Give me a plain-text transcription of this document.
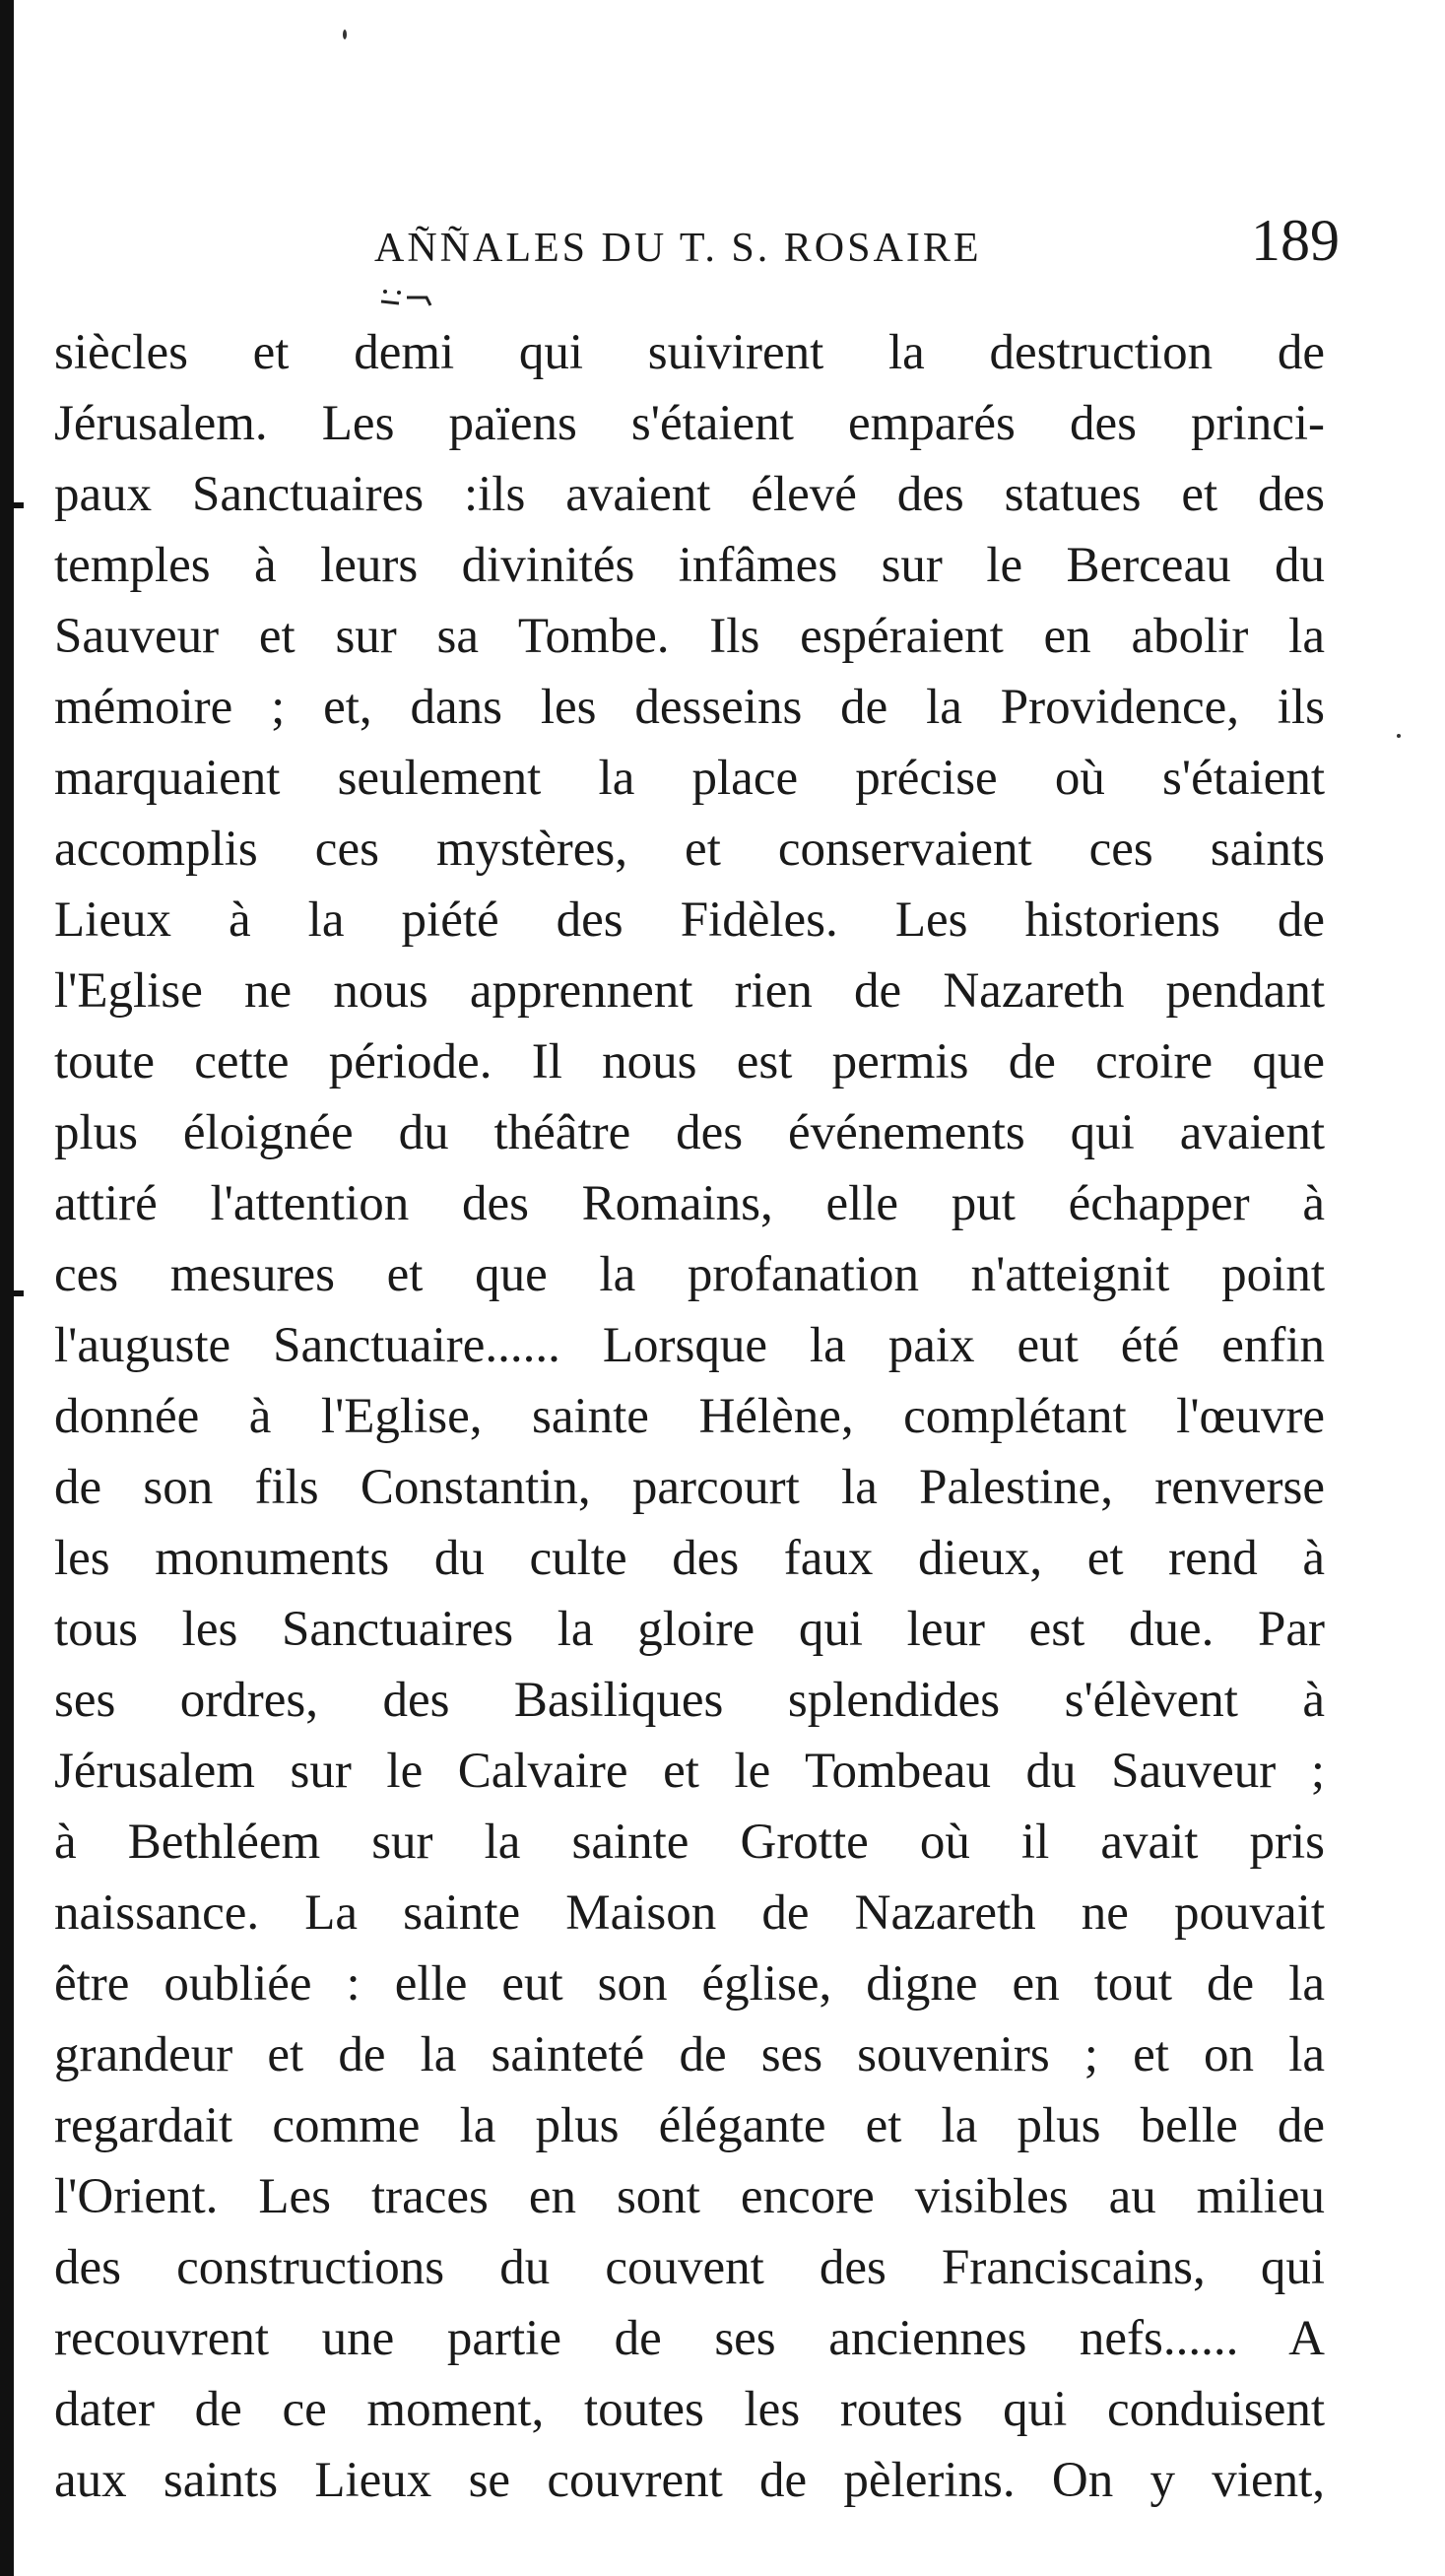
AÑÑALES DU T. S. ROSAIRE	189
siècles et demi qui suivirent la destruction de
Jérusalem. Les païens s'étaient emparés des princi-
paux Sanctuaires :ils avaient élevé des statues et des
temples à leurs divinités infâmes sur le Berceau du
Sauveur et sur sa Tombe. Ils espéraient en abolir la
mémoire ; et, dans les desseins de la Providence, ils
marquaient seulement la place précise où s'étaient
accomplis ces mystères, et conservaient ces saints
Lieux à la piété des Fidèles. Les historiens de
l'Eglise ne nous apprennent rien de Nazareth pendant
toute cette période. Il nous est permis de croire que
plus éloignée du théâtre des événements qui avaient
attiré l'attention des Romains, elle put échapper à
ces mesures et que la profanation n'atteignit point
l'auguste Sanctuaire...... Lorsque la paix eut été enfin
donnée à l'Eglise, sainte Hélène, complétant l'œuvre
de son fils Constantin, parcourt la Palestine, renverse
les monuments du culte des faux dieux, et rend à
tous les Sanctuaires la gloire qui leur est due. Par
ses ordres, des Basiliques splendides s'élèvent à
Jérusalem sur le Calvaire et le Tombeau du Sauveur ;
à Bethléem sur la sainte Grotte où il avait pris
naissance. La sainte Maison de Nazareth ne pouvait
être oubliée : elle eut son église, digne en tout de la
grandeur et de la sainteté de ses souvenirs ; et on la
regardait comme la plus élégante et la plus belle de
l'Orient. Les traces en sont encore visibles au milieu
des constructions du couvent des Franciscains, qui
recouvrent une partie de ses anciennes nefs...... A
dater de ce moment, toutes les routes qui conduisent
aux saints Lieux se couvrent de pèlerins. On y vient,
